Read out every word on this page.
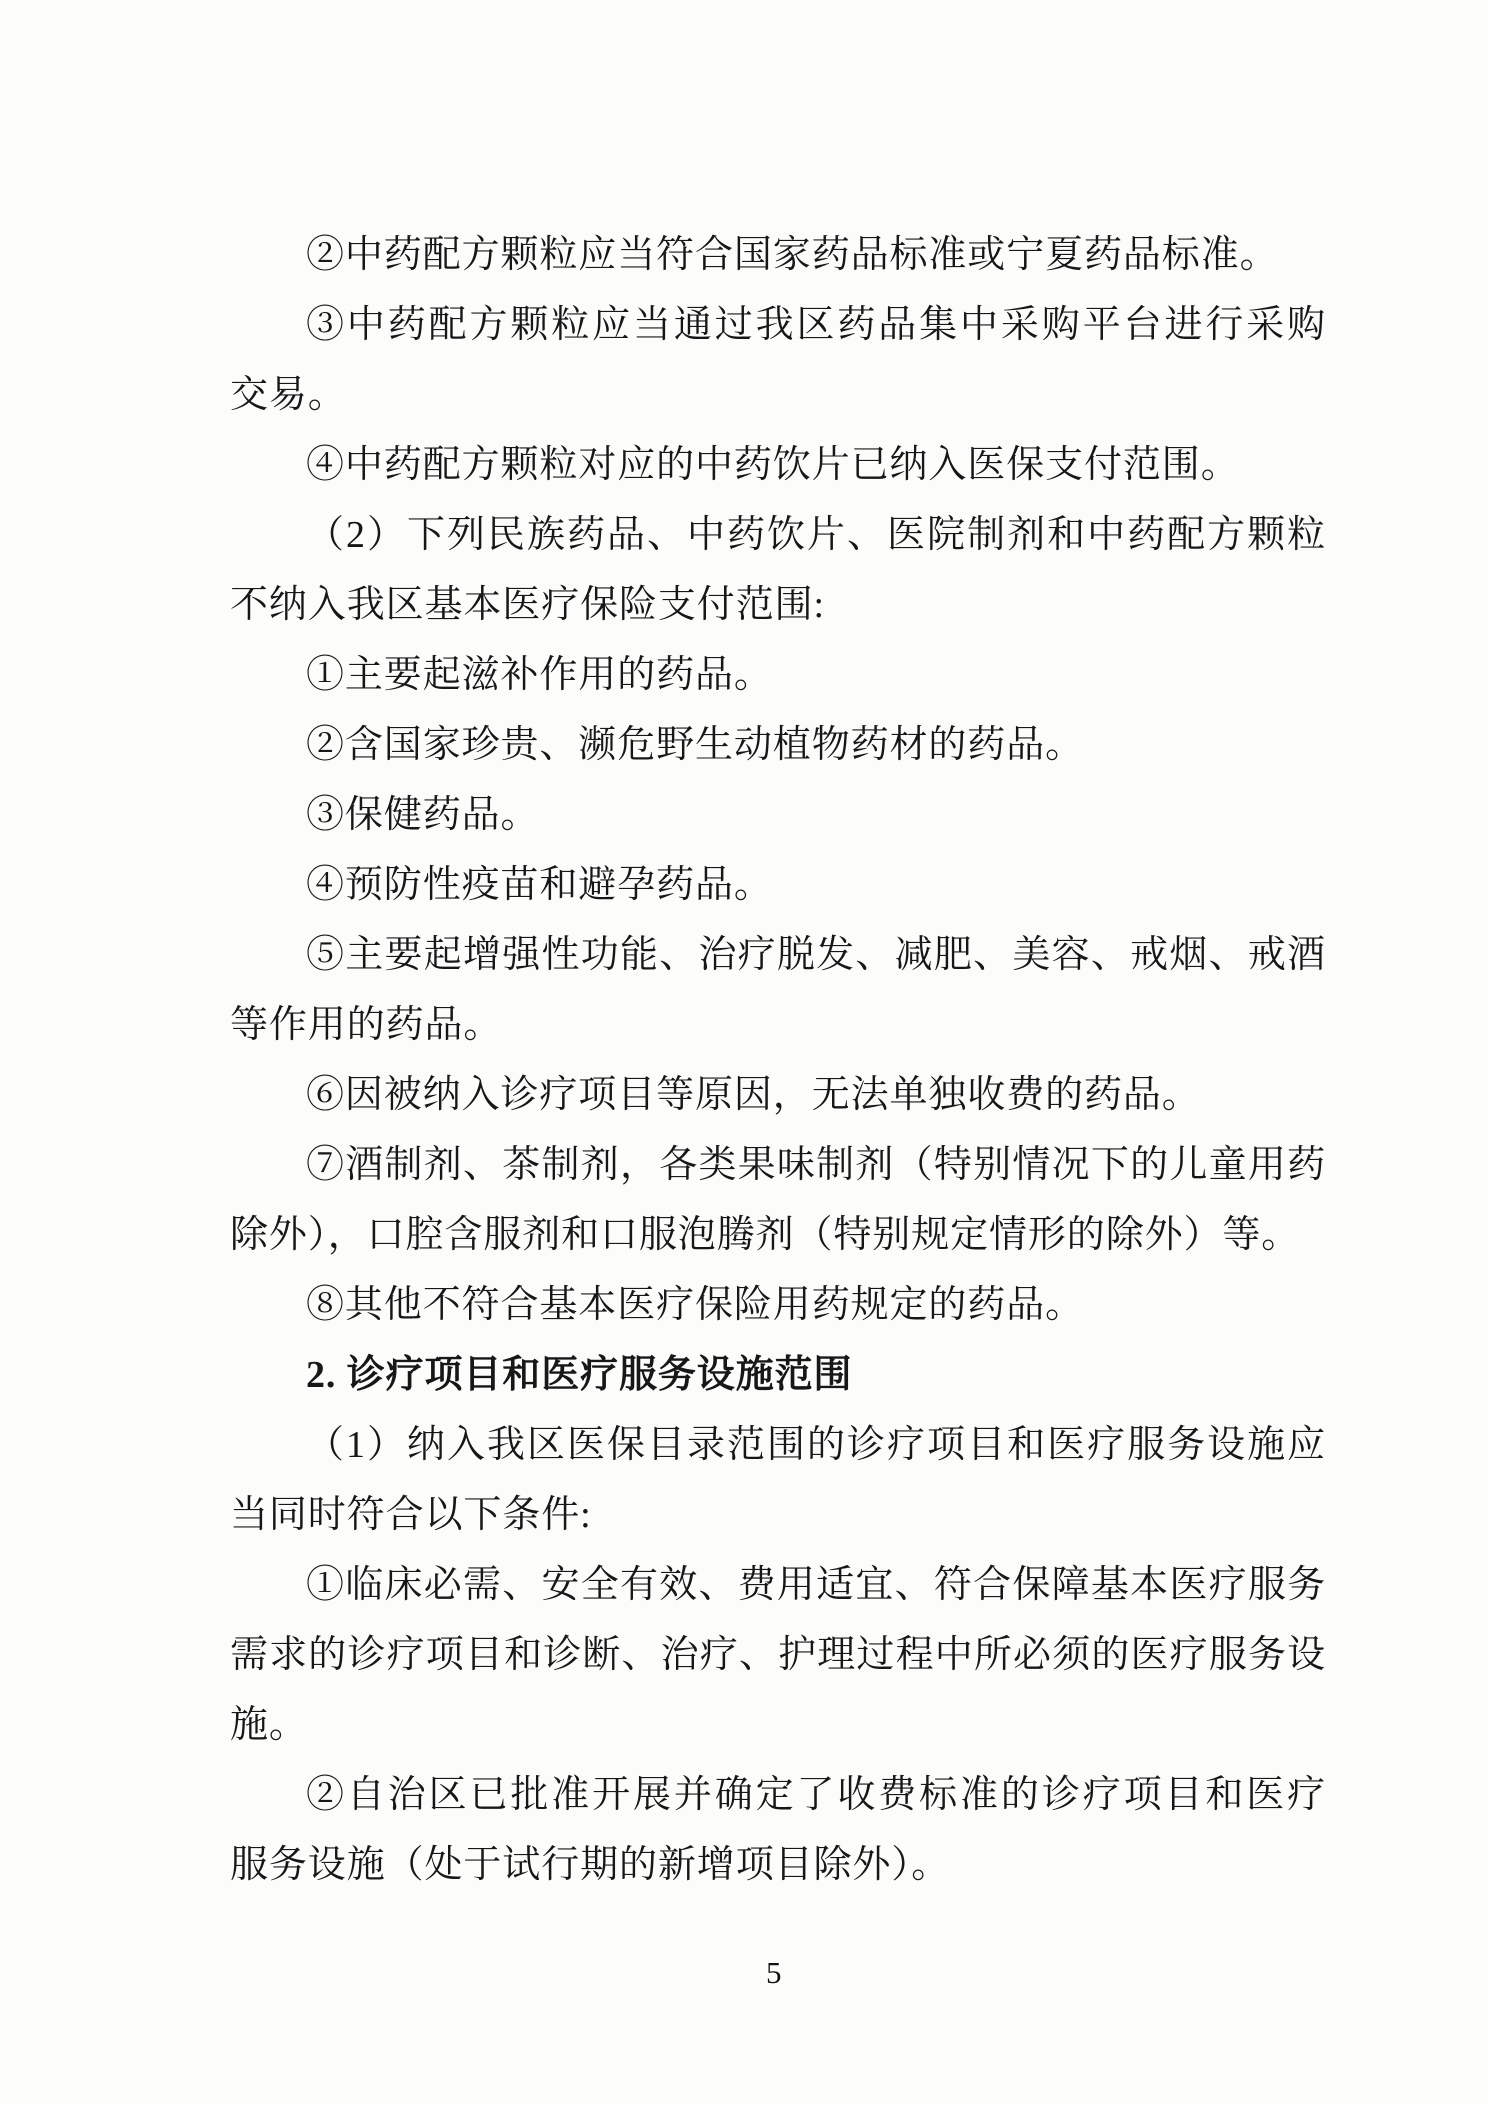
②中药配方颗粒应当符合国家药品标准或宁夏药品标准。
③中药配方颗粒应当通过我区药品集中采购平台进行采购
交易。
④中药配方颗粒对应的中药饮片已纳入医保支付范围。
（2）下列民族药品、中药饮片、医院制剂和中药配方颗粒
不纳入我区基本医疗保险支付范围:
①主要起滋补作用的药品。
②含国家珍贵、濒危野生动植物药材的药品。
③保健药品。
④预防性疫苗和避孕药品。
⑤主要起增强性功能、治疗脱发、减肥、美容、戒烟、戒酒
等作用的药品。
⑥因被纳入诊疗项目等原因，无法单独收费的药品。
⑦酒制剂、茶制剂，各类果味制剂（特别情况下的儿童用药
除外），口腔含服剂和口服泡腾剂（特别规定情形的除外）等。
⑧其他不符合基本医疗保险用药规定的药品。
2. 诊疗项目和医疗服务设施范围
（1）纳入我区医保目录范围的诊疗项目和医疗服务设施应
当同时符合以下条件:
①临床必需、安全有效、费用适宜、符合保障基本医疗服务
需求的诊疗项目和诊断、治疗、护理过程中所必须的医疗服务设
施。
②自治区已批准开展并确定了收费标准的诊疗项目和医疗
服务设施（处于试行期的新增项目除外）。
5
